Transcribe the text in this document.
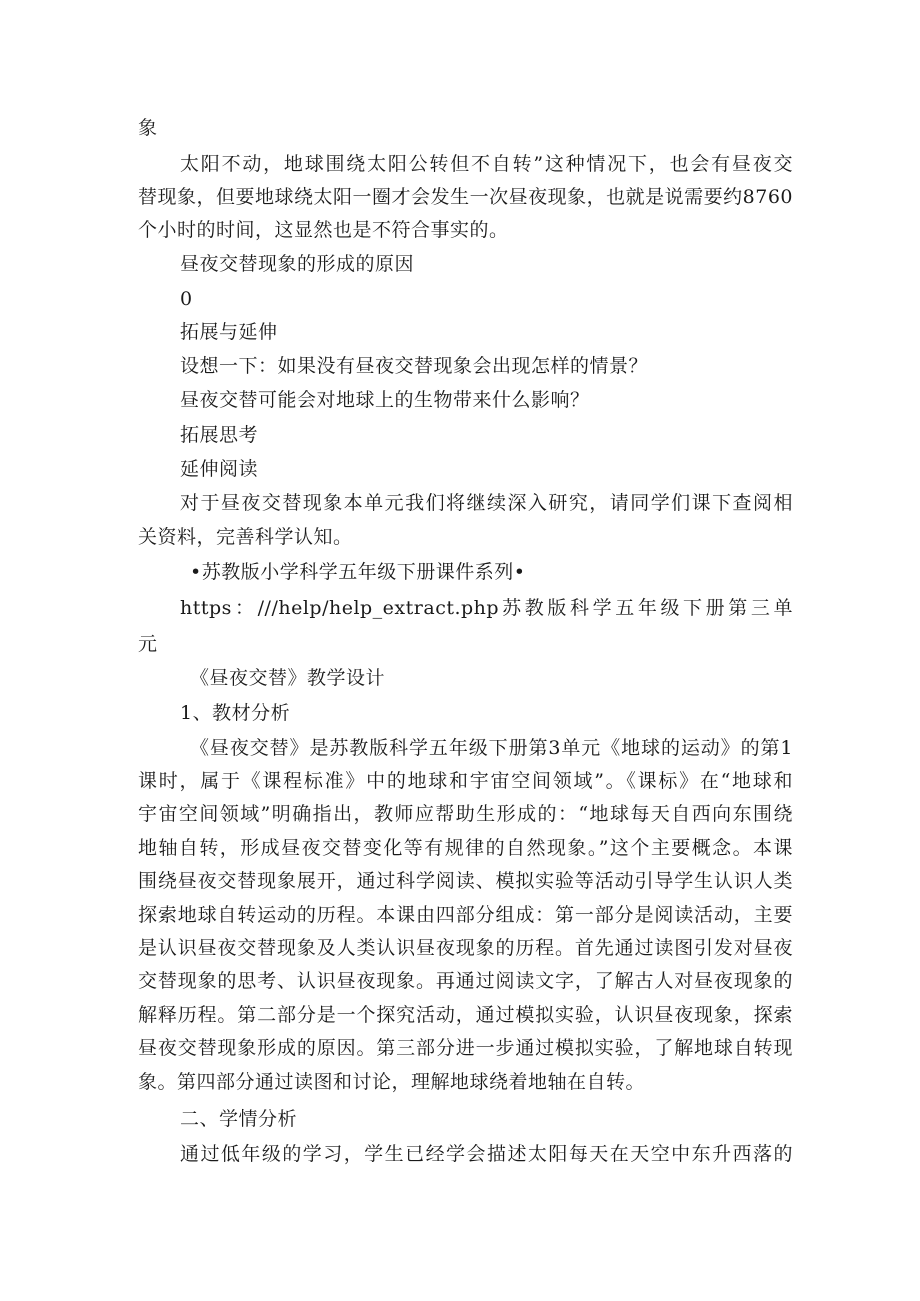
象
太阳不动，地球围绕太阳公转但不自转”这种情况下，也会有昼夜交
替现象，但要地球绕太阳一圈才会发生一次昼夜现象，也就是说需要约8760
个小时的时间，这显然也是不符合事实的。
昼夜交替现象的形成的原因
0
拓展与延伸
设想一下：如果没有昼夜交替现象会出现怎样的情景？
昼夜交替可能会对地球上的生物带来什么影响？
拓展思考
延伸阅读
对于昼夜交替现象本单元我们将继续深入研究，请同学们课下查阅相
关资料，完善科学认知。
•苏教版小学科学五年级下册课件系列•
https：///help/help_extract.php苏教版科学五年级下册第三单
元
《昼夜交替》教学设计
1、教材分析
《昼夜交替》是苏教版科学五年级下册第3单元《地球的运动》的第1
课时，属于《课程标准》中的地球和宇宙空间领域”。《课标》在“地球和
宇宙空间领域”明确指出，教师应帮助生形成的：“地球每天自西向东围绕
地轴自转，形成昼夜交替变化等有规律的自然现象。”这个主要概念。本课
围绕昼夜交替现象展开，通过科学阅读、模拟实验等活动引导学生认识人类
探索地球自转运动的历程。本课由四部分组成：第一部分是阅读活动，主要
是认识昼夜交替现象及人类认识昼夜现象的历程。首先通过读图引发对昼夜
交替现象的思考、认识昼夜现象。再通过阅读文字，了解古人对昼夜现象的
解释历程。第二部分是一个探究活动，通过模拟实验，认识昼夜现象，探索
昼夜交替现象形成的原因。第三部分进一步通过模拟实验，了解地球自转现
象。第四部分通过读图和讨论，理解地球绕着地轴在自转。
二、学情分析
通过低年级的学习，学生已经学会描述太阳每天在天空中东升西落的
